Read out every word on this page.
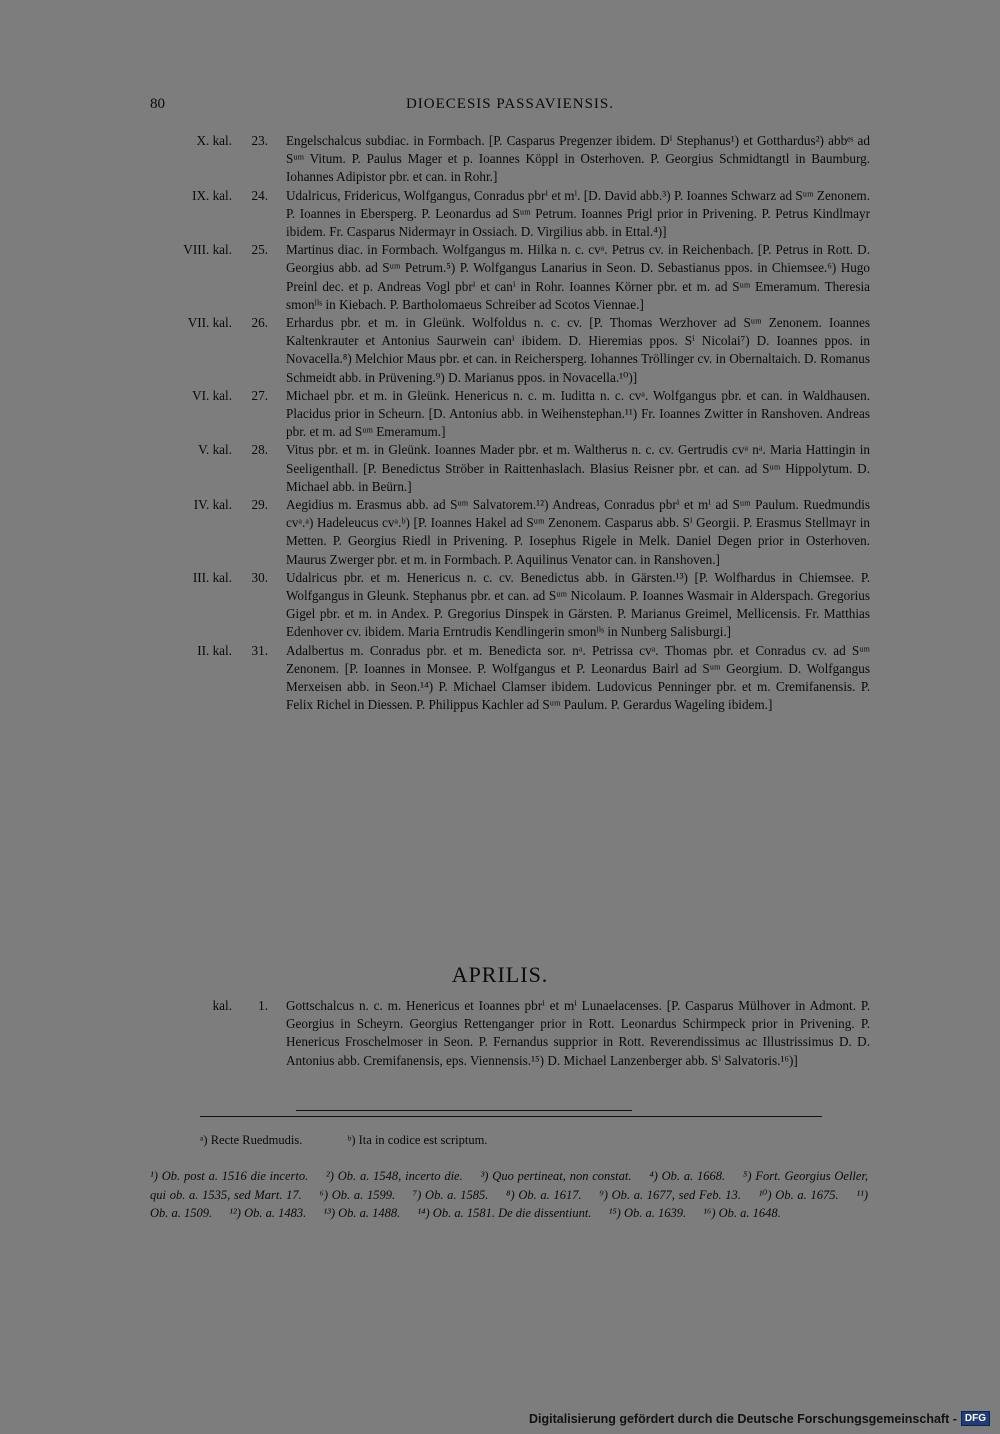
80	DIOECESIS PASSAVIENSIS.
X. kal.	23. Engelschalcus subdiac. in Formbach. [P. Casparus Pregenzer ibidem. Dⁱ Stephanus¹) et Gotthardus²) abbᵉˢ ad Sᵘᵐ Vitum. P. Paulus Mager et p. Ioannes Köppl in Osterhoven. P. Georgius Schmidtangtl in Baumburg. Iohannes Adipistor pbr. et can. in Rohr.]
IX. kal.	24. Udalricus, Fridericus, Wolfgangus, Conradus pbrⁱ et mⁱ. [D. David abb.³) P. Ioannes Schwarz ad Sᵘᵐ Zenonem. P. Ioannes in Ebersperg. P. Leonardus ad Sᵘᵐ Petrum. Ioannes Prigl prior in Privening. P. Petrus Kindlmayr ibidem. Fr. Casparus Nidermayr in Ossiach. D. Virgilius abb. in Ettal.⁴)]
VIII. kal.	25. Martinus diac. in Formbach. Wolfgangus m. Hilka n. c. cvᵃ. Petrus cv. in Reichenbach. [P. Petrus in Rott. D. Georgius abb. ad Sᵘᵐ Petrum.⁵) P. Wolfgangus Lanarius in Seon. D. Sebastianus ppos. in Chiemsee.⁶) Hugo Preinl dec. et p. Andreas Vogl pbrⁱ et canⁱ in Rohr. Ioannes Körner pbr. et m. ad Sᵘᵐ Emeramum. Theresia smonˡⁱˢ in Kiebach. P. Bartholomaeus Schreiber ad Scotos Viennae.]
VII. kal.	26. Erhardus pbr. et m. in Gleünk. Wolfoldus n. c. cv. [P. Thomas Werzhover ad Sᵘᵐ Zenonem. Ioannes Kaltenkrauter et Antonius Saurwein canⁱ ibidem. D. Hieremias ppos. Sⁱ Nicolai⁷) D. Ioannes ppos. in Novacella.⁸) Melchior Maus pbr. et can. in Reichersperg. Iohannes Tröllinger cv. in Obernaltaich. D. Romanus Schmeidt abb. in Prüvening.⁹) D. Marianus ppos. in Novacella.¹⁰)]
VI. kal.	27. Michael pbr. et m. in Gleünk. Henericus n. c. m. Iuditta n. c. cvᵃ. Wolfgangus pbr. et can. in Waldhausen. Placidus prior in Scheurn. [D. Antonius abb. in Weihenstephan.¹¹) Fr. Ioannes Zwitter in Ranshoven. Andreas pbr. et m. ad Sᵘᵐ Emeramum.]
V. kal.	28. Vitus pbr. et m. in Gleünk. Ioannes Mader pbr. et m. Waltherus n. c. cv. Gertrudis cvᵃ nᵃ. Maria Hattingin in Seeligenthall. [P. Benedictus Ströber in Raittenhaslach. Blasius Reisner pbr. et can. ad Sᵘᵐ Hippolytum. D. Michael abb. in Beürn.]
IV. kal.	29. Aegidius m. Erasmus abb. ad Sᵘᵐ Salvatorem.¹²) Andreas, Conradus pbrⁱ et mⁱ ad Sᵘᵐ Paulum. Ruedmundis cvᵃ.ᵃ) Hadeleucus cvᵃ.ᵇ) [P. Ioannes Hakel ad Sᵘᵐ Zenonem. Casparus abb. Sⁱ Georgii. P. Erasmus Stellmayr in Metten. P. Georgius Riedl in Privening. P. Iosephus Rigele in Melk. Daniel Degen prior in Osterhoven. Maurus Zwerger pbr. et m. in Formbach. P. Aquilinus Venator can. in Ranshoven.]
III. kal.	30. Udalricus pbr. et m. Henericus n. c. cv. Benedictus abb. in Gärsten.¹³) [P. Wolfhardus in Chiemsee. P. Wolfgangus in Gleunk. Stephanus pbr. et can. ad Sᵘᵐ Nicolaum. P. Ioannes Wasmair in Alderspach. Gregorius Gigel pbr. et m. in Andex. P. Gregorius Dinspek in Gärsten. P. Marianus Greimel, Mellicensis. Fr. Matthias Edenhover cv. ibidem. Maria Erntrudis Kendlingerin smonˡⁱˢ in Nunberg Salisburgi.]
II. kal.	31. Adalbertus m. Conradus pbr. et m. Benedicta sor. nᵃ. Petrissa cvᵃ. Thomas pbr. et Conradus cv. ad Sᵘᵐ Zenonem. [P. Ioannes in Monsee. P. Wolfgangus et P. Leonardus Bairl ad Sᵘᵐ Georgium. D. Wolfgangus Merxeisen abb. in Seon.¹⁴) P. Michael Clamser ibidem. Ludovicus Penninger pbr. et m. Cremifanensis. P. Felix Richel in Diessen. P. Philippus Kachler ad Sᵘᵐ Paulum. P. Gerardus Wageling ibidem.]
APRILIS.
kal.	1. Gottschalcus n. c. m. Henericus et Ioannes pbrⁱ et mⁱ Lunaelacenses. [P. Casparus Mülhover in Admont. P. Georgius in Scheyrn. Georgius Rettenganger prior in Rott. Leonardus Schirmpeck prior in Privening. P. Henericus Froschelmoser in Seon. P. Fernandus supprior in Rott. Reverendissimus ac Illustrissimus D. D. Antonius abb. Cremifanensis, eps. Viennensis.¹⁵) D. Michael Lanzenberger abb. Sⁱ Salvatoris.¹⁶)]
ᵃ) Recte Ruedmudis.	ᵇ) Ita in codice est scriptum.
¹) Ob. post a. 1516 die incerto. ²) Ob. a. 1548, incerto die. ³) Quo pertineat, non constat. ⁴) Ob. a. 1668. ⁵) Fort. Georgius Oeller, qui ob. a. 1535, sed Mart. 17. ⁶) Ob. a. 1599. ⁷) Ob. a. 1585. ⁸) Ob. a. 1617. ⁹) Ob. a. 1677, sed Feb. 13. ¹⁰) Ob. a. 1675. ¹¹) Ob. a. 1509. ¹²) Ob. a. 1483. ¹³) Ob. a. 1488. ¹⁴) Ob. a. 1581. De die dissentiunt. ¹⁵) Ob. a. 1639. ¹⁶) Ob. a. 1648.
Digitalisierung gefördert durch die Deutsche Forschungsgemeinschaft - DFG
